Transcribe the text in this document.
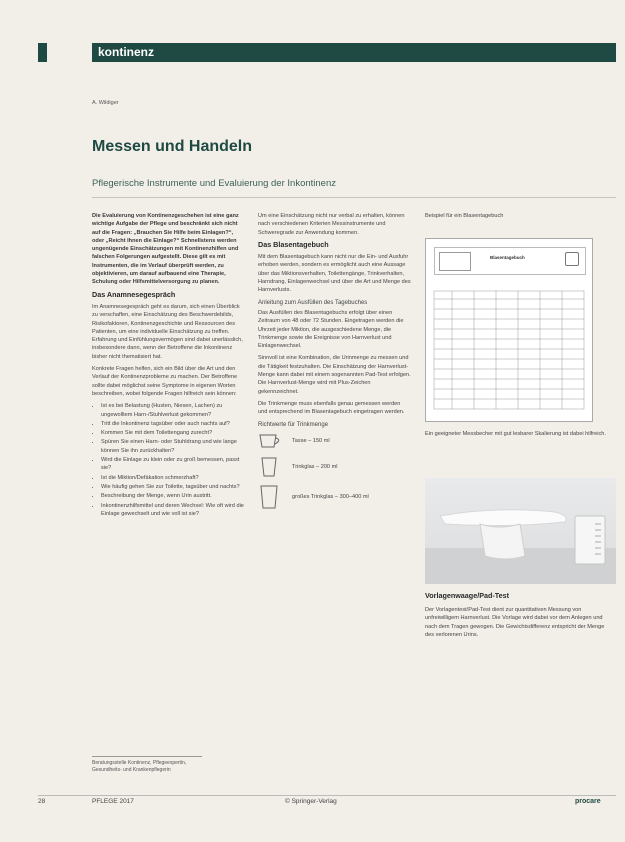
kontinenz
A. Wildiger
Messen und Handeln
Pflegerische Instrumente und Evaluierung der Inkontinenz

Die Evaluierung von Kontinenzgeschehen ist eine ganz wichtige Aufgabe der Pflege und beschränkt sich nicht auf die Fragen: „Brauchen Sie Hilfe beim Einlagen?“, oder „Reicht Ihnen die Einlage?“ Schnellstens werden ungenügende Einschätzungen mit Kontinenzhilfen und falschen Folgerungen aufgestellt. Diese gilt es mit Instrumenten, die im Verlauf überprüft werden, zu objektivieren, um darauf aufbauend eine Therapie, Schulung oder Hilfsmittelversorgung zu planen.

Das Anamnesegespräch

Im Anamnesegespräch geht es darum, sich einen Überblick zu verschaffen, eine Einschätzung des Beschwerdebilds, Risikofaktoren, Kontinenzgeschichte und Ressourcen des Patienten, um eine individuelle Einschätzung zu treffen. Erfahrung und Einfühlungsvermögen sind dabei unerlässlich, insbesondere dann, wenn der Betroffene die Inkontinenz bisher nicht thematisiert hat.

Konkrete Fragen helfen, sich ein Bild über die Art und den Verlauf der Kontinenzprobleme zu machen. Der Betroffene sollte dabei möglichst seine Symptome in eigenen Worten beschreiben, wobei folgende Fragen hilfreich sein können:

• Ist es bei Belastung (Husten, Niesen, Lachen) zu ungewolltem Harn-/Stuhlverlust gekommen?
• Tritt die Inkontinenz tagsüber oder auch nachts auf?
• Kommen Sie mit dem Toilettengang zurecht?
• Spüren Sie einen Harn- oder Stuhldrang und wie lange können Sie ihn zurückhalten?
• Wird die Einlage zu klein oder zu groß bemessen, passt sie?
• Ist die Miktion/Defäkation schmerzhaft?
• Wie häufig gehen Sie zur Toilette, tagsüber und nachts?
• Beschreibung der Menge, wenn Urin austritt.
• Inkontinenzhilfsmittel und deren Wechsel: Wie oft wird die Einlage gewechselt und wie voll ist sie?
Beratungsstelle Kontinenz, Pflegeexpertin, Gesundheits- und Krankenpflegerin

Um eine Einschätzung nicht nur verbal zu erhalten, können nach verschiedenen Kriterien Messinstrumente und Schweregrade zur Anwendung kommen.

Das Blasentagebuch

Mit dem Blasentagebuch kann nicht nur die Ein- und Ausfuhr erhoben werden, sondern es ermöglicht auch eine Aussage über das Miktionsverhalten, Toilettengänge, Trinkverhalten, Harndrang, Einlagenwechsel und über die Art und Menge des Harnverlusts.

Anleitung zum Ausfüllen des Tagebuches

Das Ausfüllen des Blasentagebuchs erfolgt über einen Zeitraum von 48 oder 72 Stunden. Eingetragen werden die Uhrzeit jeder Miktion, die ausgeschiedene Menge, die Trinkmenge sowie die Ereignisse von Harnverlust und Einlagenwechsel.

Sinnvoll ist eine Kombination, die Urinmenge zu messen und die Tätigkeit festzuhalten. Die Einschätzung der Harnverlust-Menge kann dabei mit einem sogenannten Pad-Test erfolgen. Die Harnverlust-Menge wird mit Plus-Zeichen gekennzeichnet.

Die Trinkmenge muss ebenfalls genau gemessen werden und entsprechend im Blasentagebuch eingetragen werden.

Richtwerte für Trinkmenge
Tasse – 150 ml
Trinkglas – 200 ml
großes Trinkglas – 300–400 ml

Beispiel für ein Blasentagebuch

Blasentagebuch
Ein geeigneter Messbecher mit gut lesbarer Skalierung ist dabei hilfreich.
Vorlagenwaage/Pad-Test
Der Vorlagentest/Pad-Test dient zur quantitativen Messung von unfreiwilligem Harnverlust. Die Vorlage wird dabei vor dem Anlegen und nach dem Tragen gewogen. Die Gewichtsdifferenz entspricht der Menge des verlorenen Urins.
28	PFLEGE 2017	© Springer-Verlag	procare
